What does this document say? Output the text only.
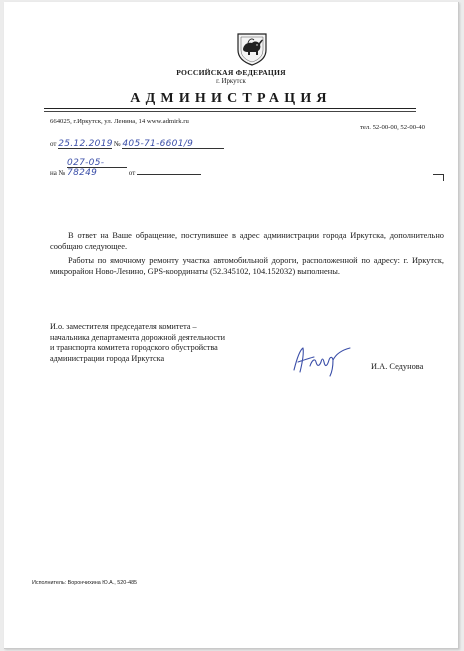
РОССИЙСКАЯ ФЕДЕРАЦИЯ
г. Иркутск
АДМИНИСТРАЦИЯ
664025, г.Иркутск, ул. Ленина, 14 www.admirk.ru
тел. 52-00-00, 52-00-40
от 25.12.2019 № 405-71-6601/9
на № 027-05-78249	от

В ответ на Ваше обращение, поступившее в адрес администрации города Иркутска, дополнительно сообщаю следующее.

Работы по ямочному ремонту участка автомобильной дороги, расположенной по адресу: г. Иркутск, микрорайон Ново-Ленино, GPS-координаты (52.345102, 104.152032) выполнены.

И.о. заместителя председателя комитета –
начальника департамента дорожной деятельности
и транспорта комитета городского обустройства
администрации города Иркутска
И.А. Седунова
Исполнитель: Ворончихина Ю.А., 520-485
